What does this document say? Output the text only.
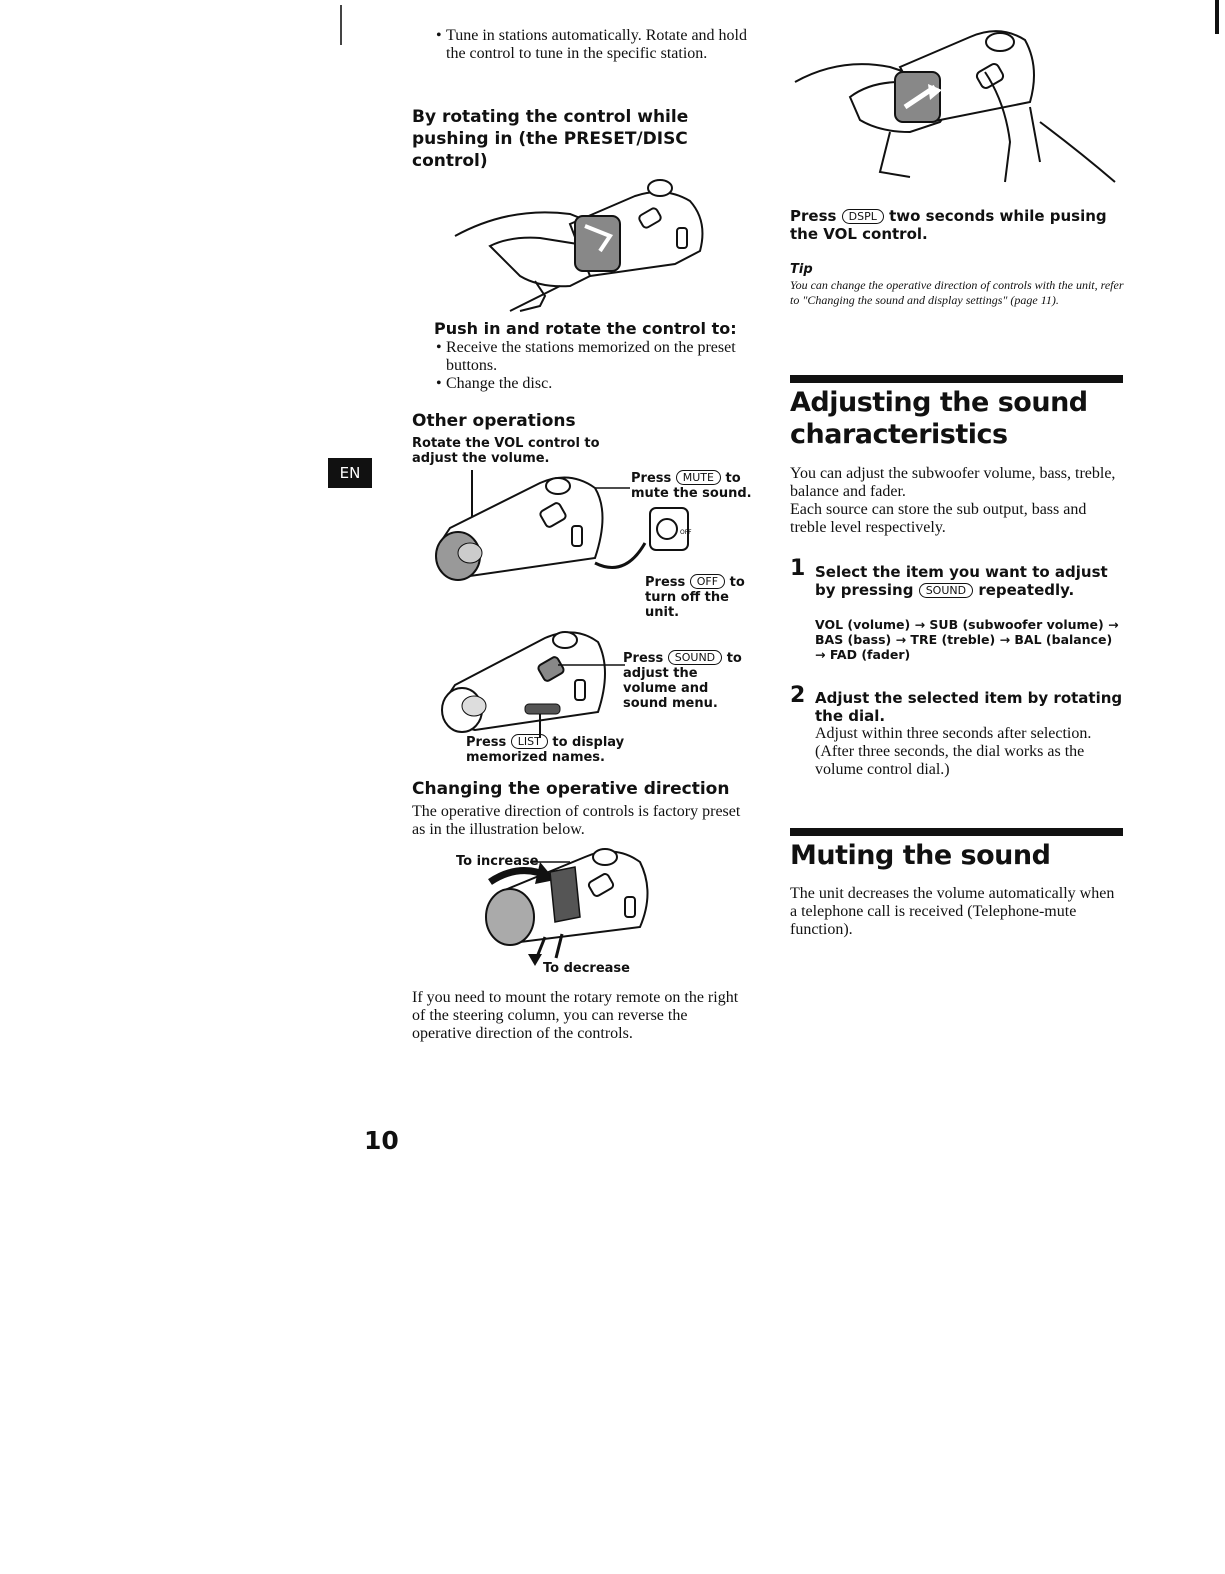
• Tune in stations automatically. Rotate and hold the control to tune in the specific station.
By rotating the control while pushing in (the PRESET/DISC control)
Push in and rotate the control to:
• Receive the stations memorized on the preset buttons.
• Change the disc.
Other operations
Rotate the VOL control to adjust the volume.
EN
OFF
Press MUTE to mute the sound.
Press OFF to turn off the unit.
Press SOUND to adjust the volume and sound menu.
Press LIST to display memorized names.
Changing the operative direction
The operative direction of controls is factory preset as in the illustration below.
To increase
To decrease
If you need to mount the rotary remote on the right of the steering column, you can reverse the operative direction of the controls.
10
Press DSPL two seconds while pusing the VOL control.
Tip
You can change the operative direction of controls with the unit, refer to "Changing the sound and display settings" (page 11).
Adjusting the sound characteristics
You can adjust the subwoofer volume, bass, treble, balance and fader.
Each source can store the sub output, bass and treble level respectively.
1 Select the item you want to adjust by pressing SOUND repeatedly.
VOL (volume) → SUB (subwoofer volume) → BAS (bass) → TRE (treble) → BAL (balance) → FAD (fader)
2 Adjust the selected item by rotating the dial.
Adjust within three seconds after selection. (After three seconds, the dial works as the volume control dial.)
Muting the sound
The unit decreases the volume automatically when a telephone call is received (Telephone-mute function).
